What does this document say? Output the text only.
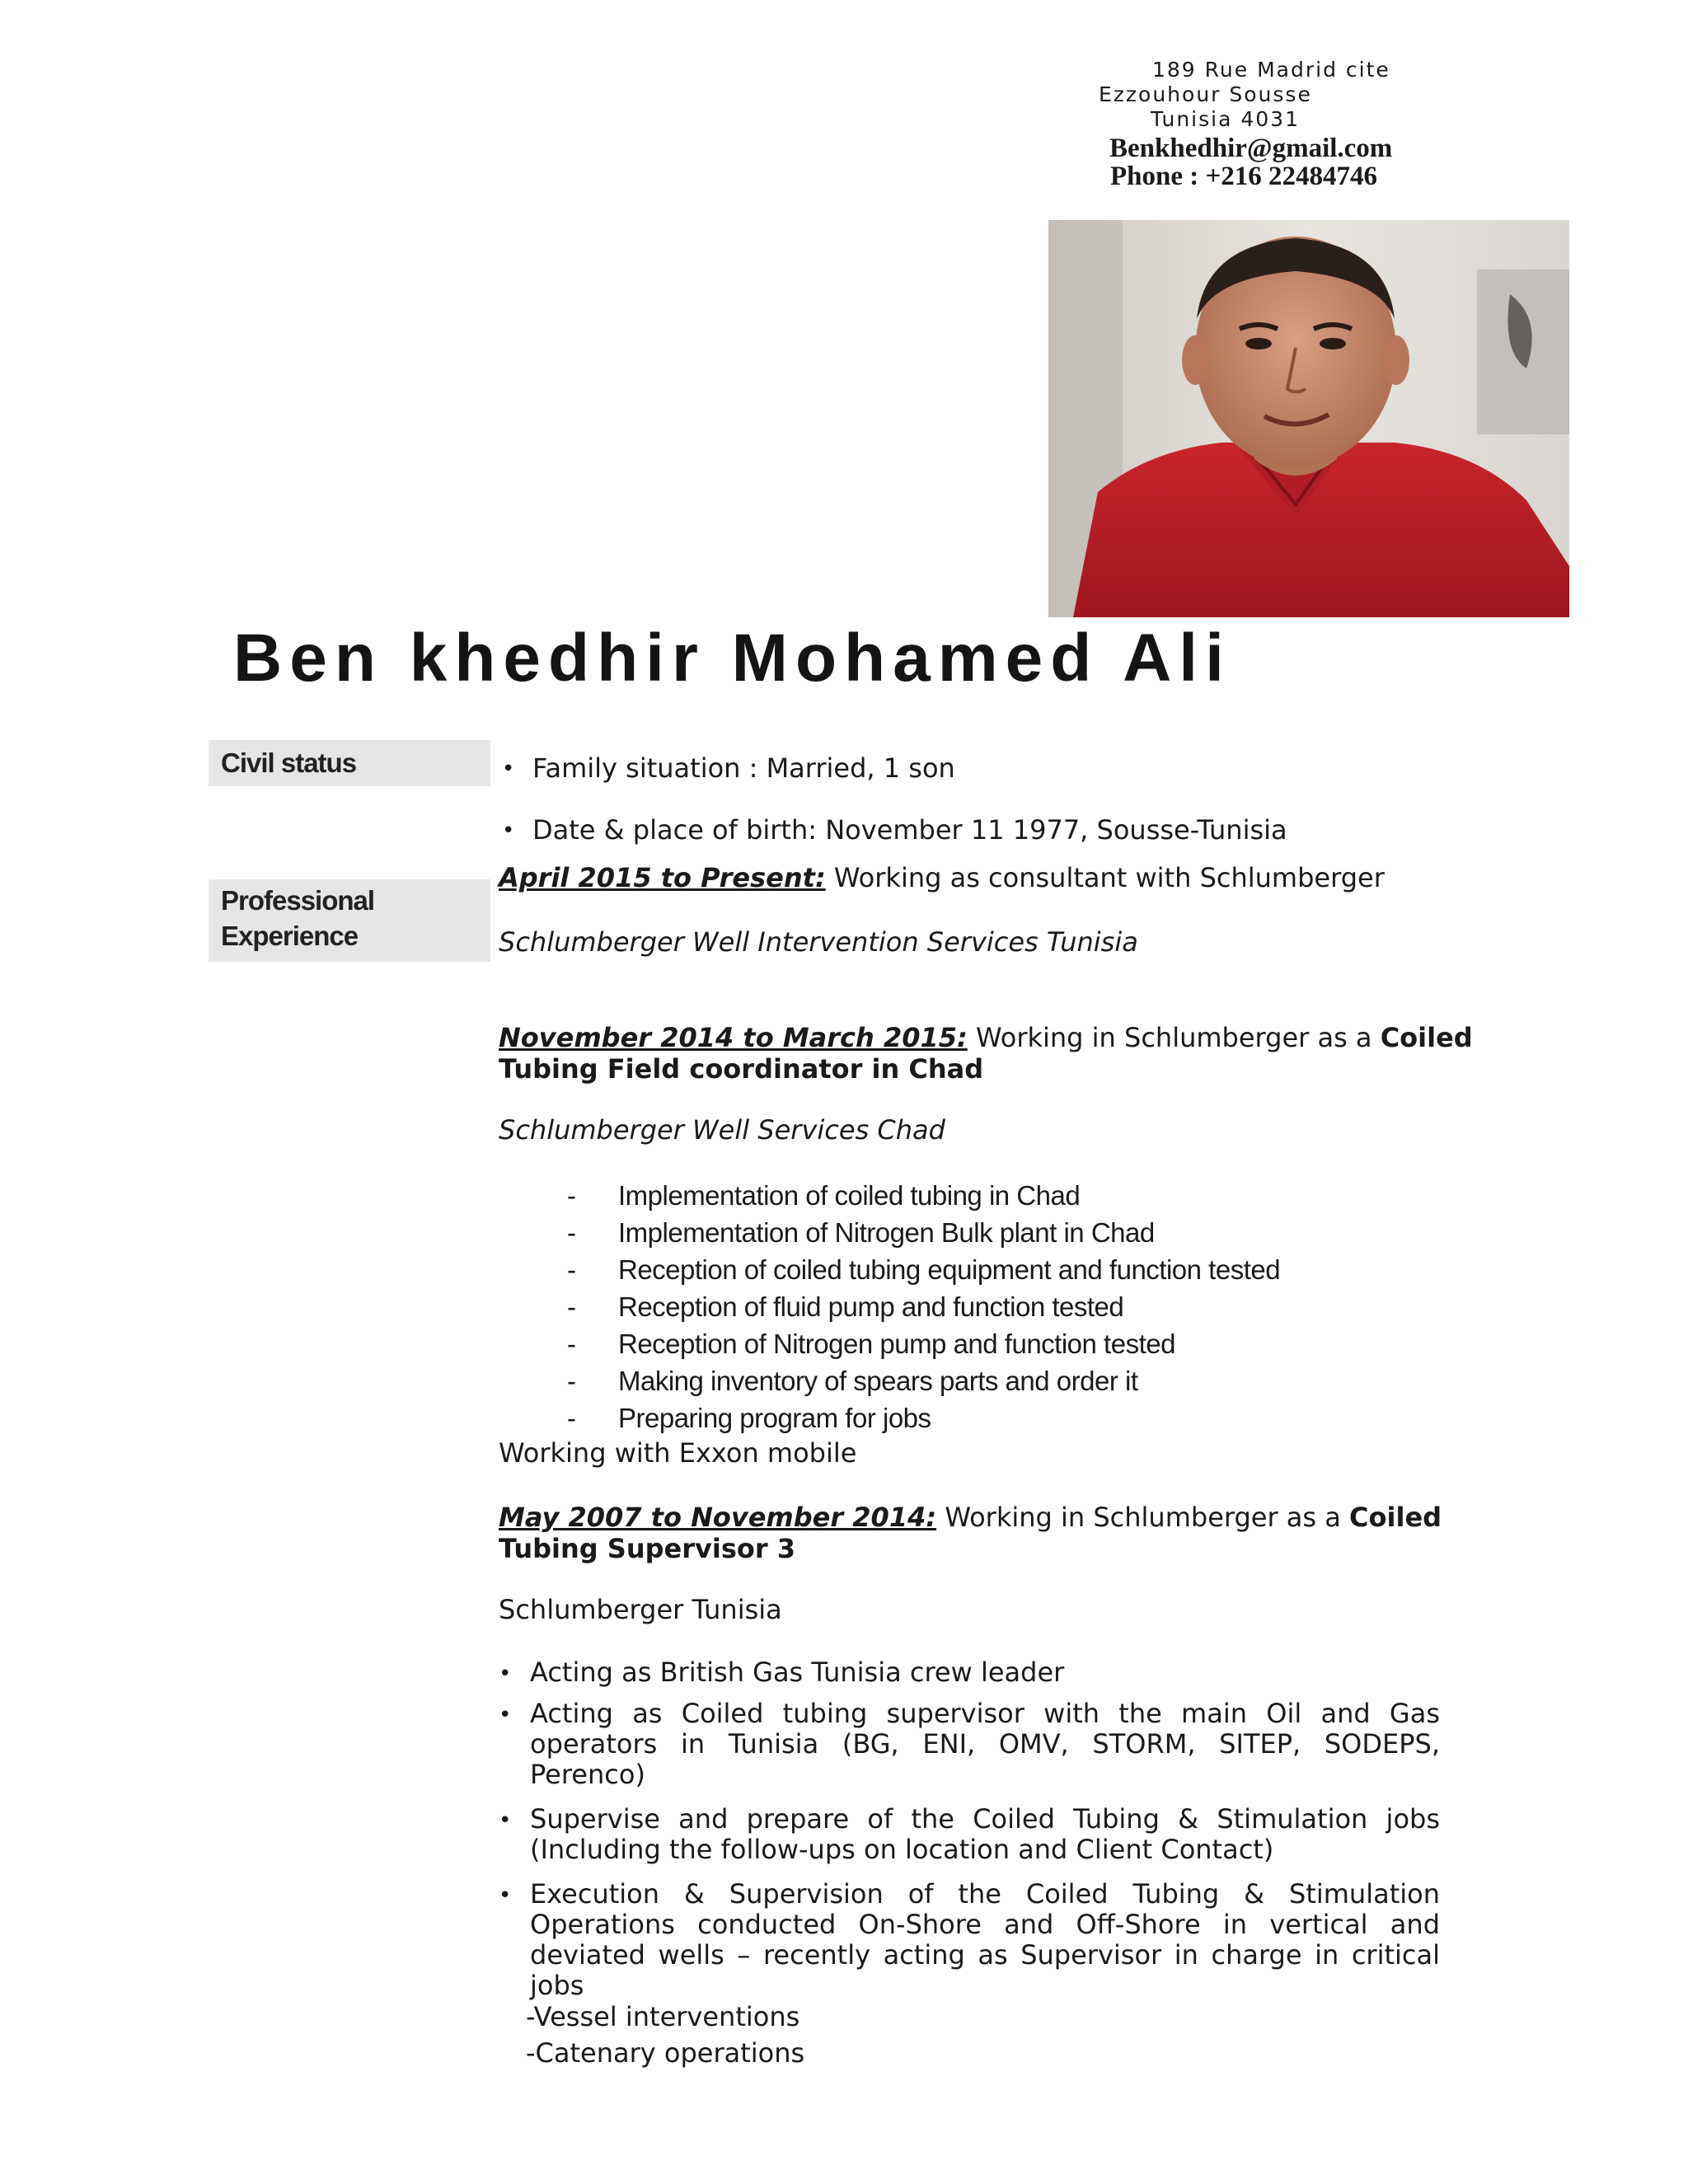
189 Rue Madrid cite
Ezzouhour Sousse
Tunisia 4031
Benkhedhir@gmail.com
Phone : +216 22484746
Ben khedhir Mohamed Ali
Civil status
Professional
Experience
• Family situation : Married, 1 son
• Date & place of birth: November 11 1977, Sousse-Tunisia
April 2015 to Present: Working as consultant with Schlumberger
Schlumberger Well Intervention Services Tunisia
November 2014 to March 2015: Working in Schlumberger as a Coiled
Tubing Field coordinator in Chad
Schlumberger Well Services Chad
- Implementation of coiled tubing in Chad
- Implementation of Nitrogen Bulk plant in Chad
- Reception of coiled tubing equipment and function tested
- Reception of fluid pump and function tested
- Reception of Nitrogen pump and function tested
- Making inventory of spears parts and order it
- Preparing program for jobs
Working with Exxon mobile
May 2007 to November 2014: Working in Schlumberger as a Coiled
Tubing Supervisor 3
Schlumberger Tunisia
• Acting as British Gas Tunisia crew leader
• Acting as Coiled tubing supervisor with the main Oil and Gas
operators in Tunisia (BG, ENI, OMV, STORM, SITEP, SODEPS,
Perenco)
• Supervise and prepare of the Coiled Tubing & Stimulation jobs
(Including the follow-ups on location and Client Contact)
• Execution & Supervision of the Coiled Tubing & Stimulation
Operations conducted On-Shore and Off-Shore in vertical and
deviated wells – recently acting as Supervisor in charge in critical
jobs
-Vessel interventions
-Catenary operations
